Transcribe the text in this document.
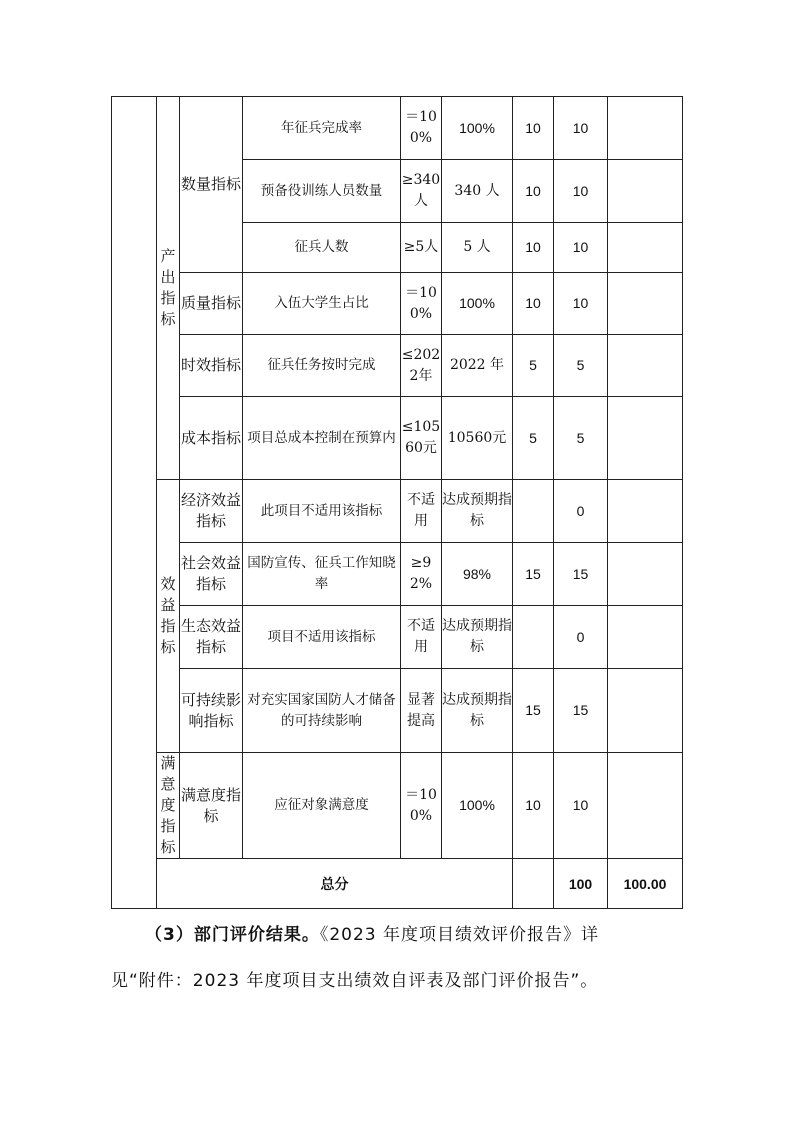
	产出指标	数量指标	年征兵完成率	＝100%	100%	10	10		
			预备役训练人员数量	≥340人	340 人	10	10		
			征兵人数	≥5人	5 人	10	10		
		质量指标	入伍大学生占比	＝100%	100%	10	10		
		时效指标	征兵任务按时完成	≤2022年	2022 年	5	5		
		成本指标	项目总成本控制在预算内	≤10560元	10560元	5	5		
	效益指标	经济效益指标	此项目不适用该指标	不适用	达成预期指标		0		
		社会效益指标	国防宣传、征兵工作知晓率	≥92%	98%	15	15		
		生态效益指标	项目不适用该指标	不适用	达成预期指标		0		
		可持续影响指标	对充实国家国防人才储备的可持续影响	显著提高	达成预期指标	15	15		
	满意度指标	满意度指标	应征对象满意度	＝100%	100%	10	10		
	总分						100	100.00	
（3）部门评价结果。《2023 年度项目绩效评价报告》详
见“附件：2023 年度项目支出绩效自评表及部门评价报告”。
